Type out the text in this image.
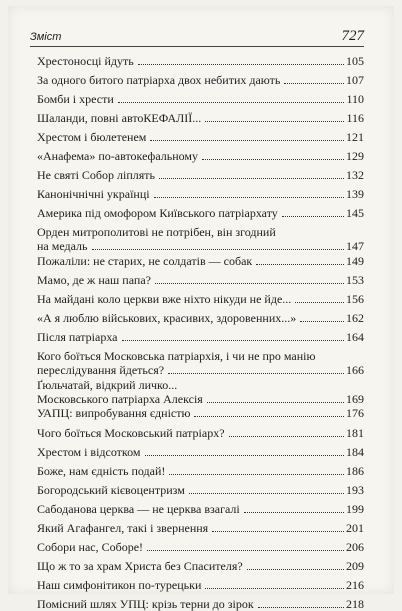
Зміст	727
Хрестоносці йдуть	105
За одного битого патріарха двох небитих дають	107
Бомби і хрести	110
Шаланди, повні автоКЕФАЛІЇ...	116
Хрестом і бюлетенем	121
«Анафема» по-автокефальному	129
Не святі Собор ліплять	132
Канонічнічні українці	139
Америка під омофором Київського патріархату	145
Орден митрополитові не потрібен, він згодний
на медаль	147
Пожаліли: не старих, не солдатів — собак	149
Мамо, де ж наш папа?	153
На майдані коло церкви вже ніхто нікуди не йде...	156
«А я люблю військових, красивих, здоровенних...»	162
Після патріарха	164
Кого боїться Московська патріархія, і чи не про манію
переслідування йдеться?	166
Ґюльчатай, відкрий личко...
Московського патріарха Алексія	169
УАПЦ: випробування єдністю	176
Чого боїться Московський патріарх?	181
Хрестом і відсотком	184
Боже, нам єдність подай!	186
Богородський кієвоцентризм	193
Сабоданова церква — не церква взагалі	199
Який Агафангел, такі і звернення	201
Собори нас, Соборе!	206
Що ж то за храм Христа без Спасителя?	209
Наш симфонітикон по-турецьки	216
Помісний шлях УПЦ: крізь терни до зірок	218
